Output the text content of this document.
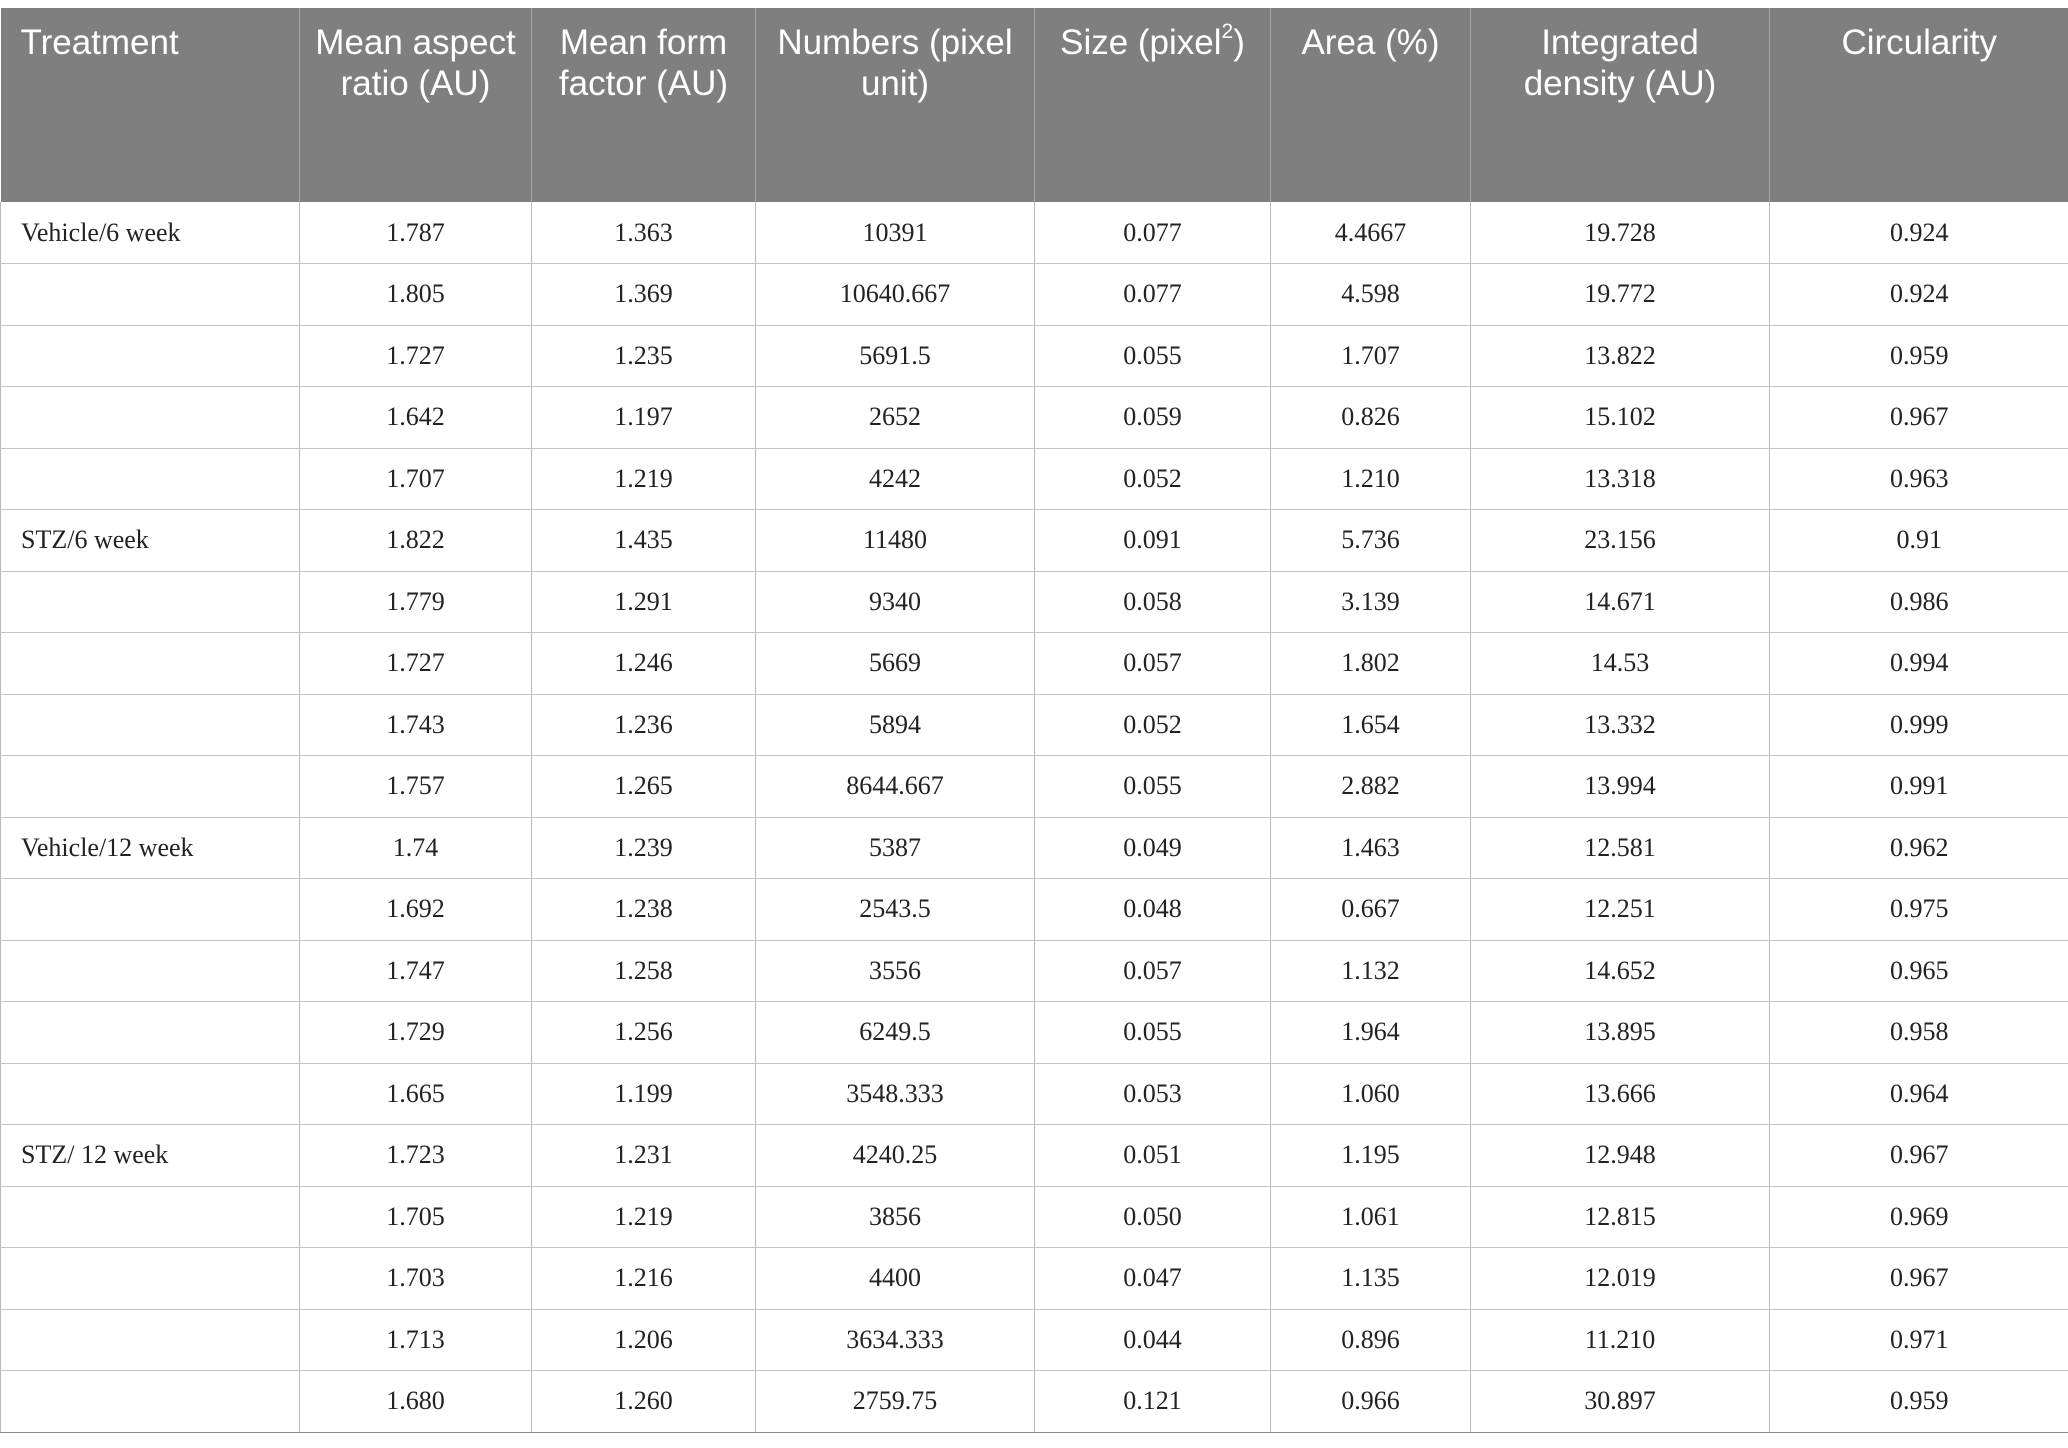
Treatment	Mean aspect ratio (AU)	Mean form factor (AU)	Numbers (pixel unit)	Size (pixel$^2$)	Area (%)	Integrated density (AU)	Circularity
Vehicle/6 week	1.787	1.363	10391	0.077	4.4667	19.728	0.924
	1.805	1.369	10640.667	0.077	4.598	19.772	0.924
	1.727	1.235	5691.5	0.055	1.707	13.822	0.959
	1.642	1.197	2652	0.059	0.826	15.102	0.967
	1.707	1.219	4242	0.052	1.210	13.318	0.963
STZ/6 week	1.822	1.435	11480	0.091	5.736	23.156	0.91
	1.779	1.291	9340	0.058	3.139	14.671	0.986
	1.727	1.246	5669	0.057	1.802	14.53	0.994
	1.743	1.236	5894	0.052	1.654	13.332	0.999
	1.757	1.265	8644.667	0.055	2.882	13.994	0.991
Vehicle/12 week	1.74	1.239	5387	0.049	1.463	12.581	0.962
	1.692	1.238	2543.5	0.048	0.667	12.251	0.975
	1.747	1.258	3556	0.057	1.132	14.652	0.965
	1.729	1.256	6249.5	0.055	1.964	13.895	0.958
	1.665	1.199	3548.333	0.053	1.060	13.666	0.964
STZ/ 12 week	1.723	1.231	4240.25	0.051	1.195	12.948	0.967
	1.705	1.219	3856	0.050	1.061	12.815	0.969
	1.703	1.216	4400	0.047	1.135	12.019	0.967
	1.713	1.206	3634.333	0.044	0.896	11.210	0.971
	1.680	1.260	2759.75	0.121	0.966	30.897	0.959
